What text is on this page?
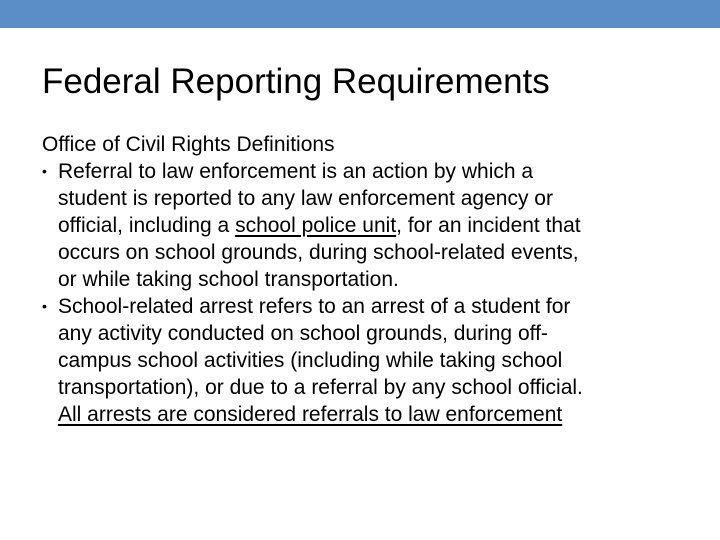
Federal Reporting Requirements

Office of Civil Rights Definitions

• Referral to law enforcement is an action by which a
student is reported to any law enforcement agency or
official, including a school police unit, for an incident that
occurs on school grounds, during school-related events,
or while taking school transportation.
• School-related arrest refers to an arrest of a student for
any activity conducted on school grounds, during off-
campus school activities (including while taking school
transportation), or due to a referral by any school official.
All arrests are considered referrals to law enforcement
